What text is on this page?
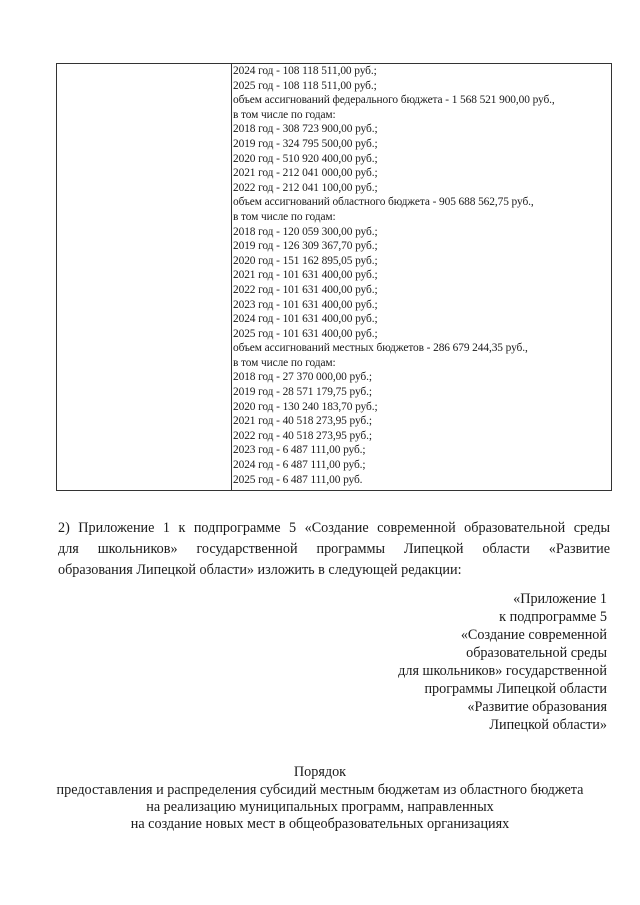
2024 год - 108 118 511,00 руб.;
2025 год - 108 118 511,00 руб.;
объем ассигнований федерального бюджета - 1 568 521 900,00 руб.,
в том числе по годам:
2018 год - 308 723 900,00 руб.;
2019 год - 324 795 500,00 руб.;
2020 год - 510 920 400,00 руб.;
2021 год - 212 041 000,00 руб.;
2022 год - 212 041 100,00 руб.;
объем ассигнований областного бюджета - 905 688 562,75 руб.,
в том числе по годам:
2018 год - 120 059 300,00 руб.;
2019 год - 126 309 367,70 руб.;
2020 год - 151 162 895,05 руб.;
2021 год - 101 631 400,00 руб.;
2022 год - 101 631 400,00 руб.;
2023 год - 101 631 400,00 руб.;
2024 год - 101 631 400,00 руб.;
2025 год - 101 631 400,00 руб.;
объем ассигнований местных бюджетов - 286 679 244,35 руб.,
в том числе по годам:
2018 год - 27 370 000,00 руб.;
2019 год - 28 571 179,75 руб.;
2020 год - 130 240 183,70 руб.;
2021 год - 40 518 273,95 руб.;
2022 год - 40 518 273,95 руб.;
2023 год - 6 487 111,00 руб.;
2024 год - 6 487 111,00 руб.;
2025 год - 6 487 111,00 руб.
2) Приложение 1 к подпрограмме 5 «Создание современной образовательной среды
для школьников» государственной программы Липецкой области «Развитие
образования Липецкой области» изложить в следующей редакции:
«Приложение 1
к подпрограмме 5
«Создание современной
образовательной среды
для школьников» государственной
программы Липецкой области
«Развитие образования
Липецкой области»
Порядок
предоставления и распределения субсидий местным бюджетам из областного бюджета
на реализацию муниципальных программ, направленных
на создание новых мест в общеобразовательных организациях
